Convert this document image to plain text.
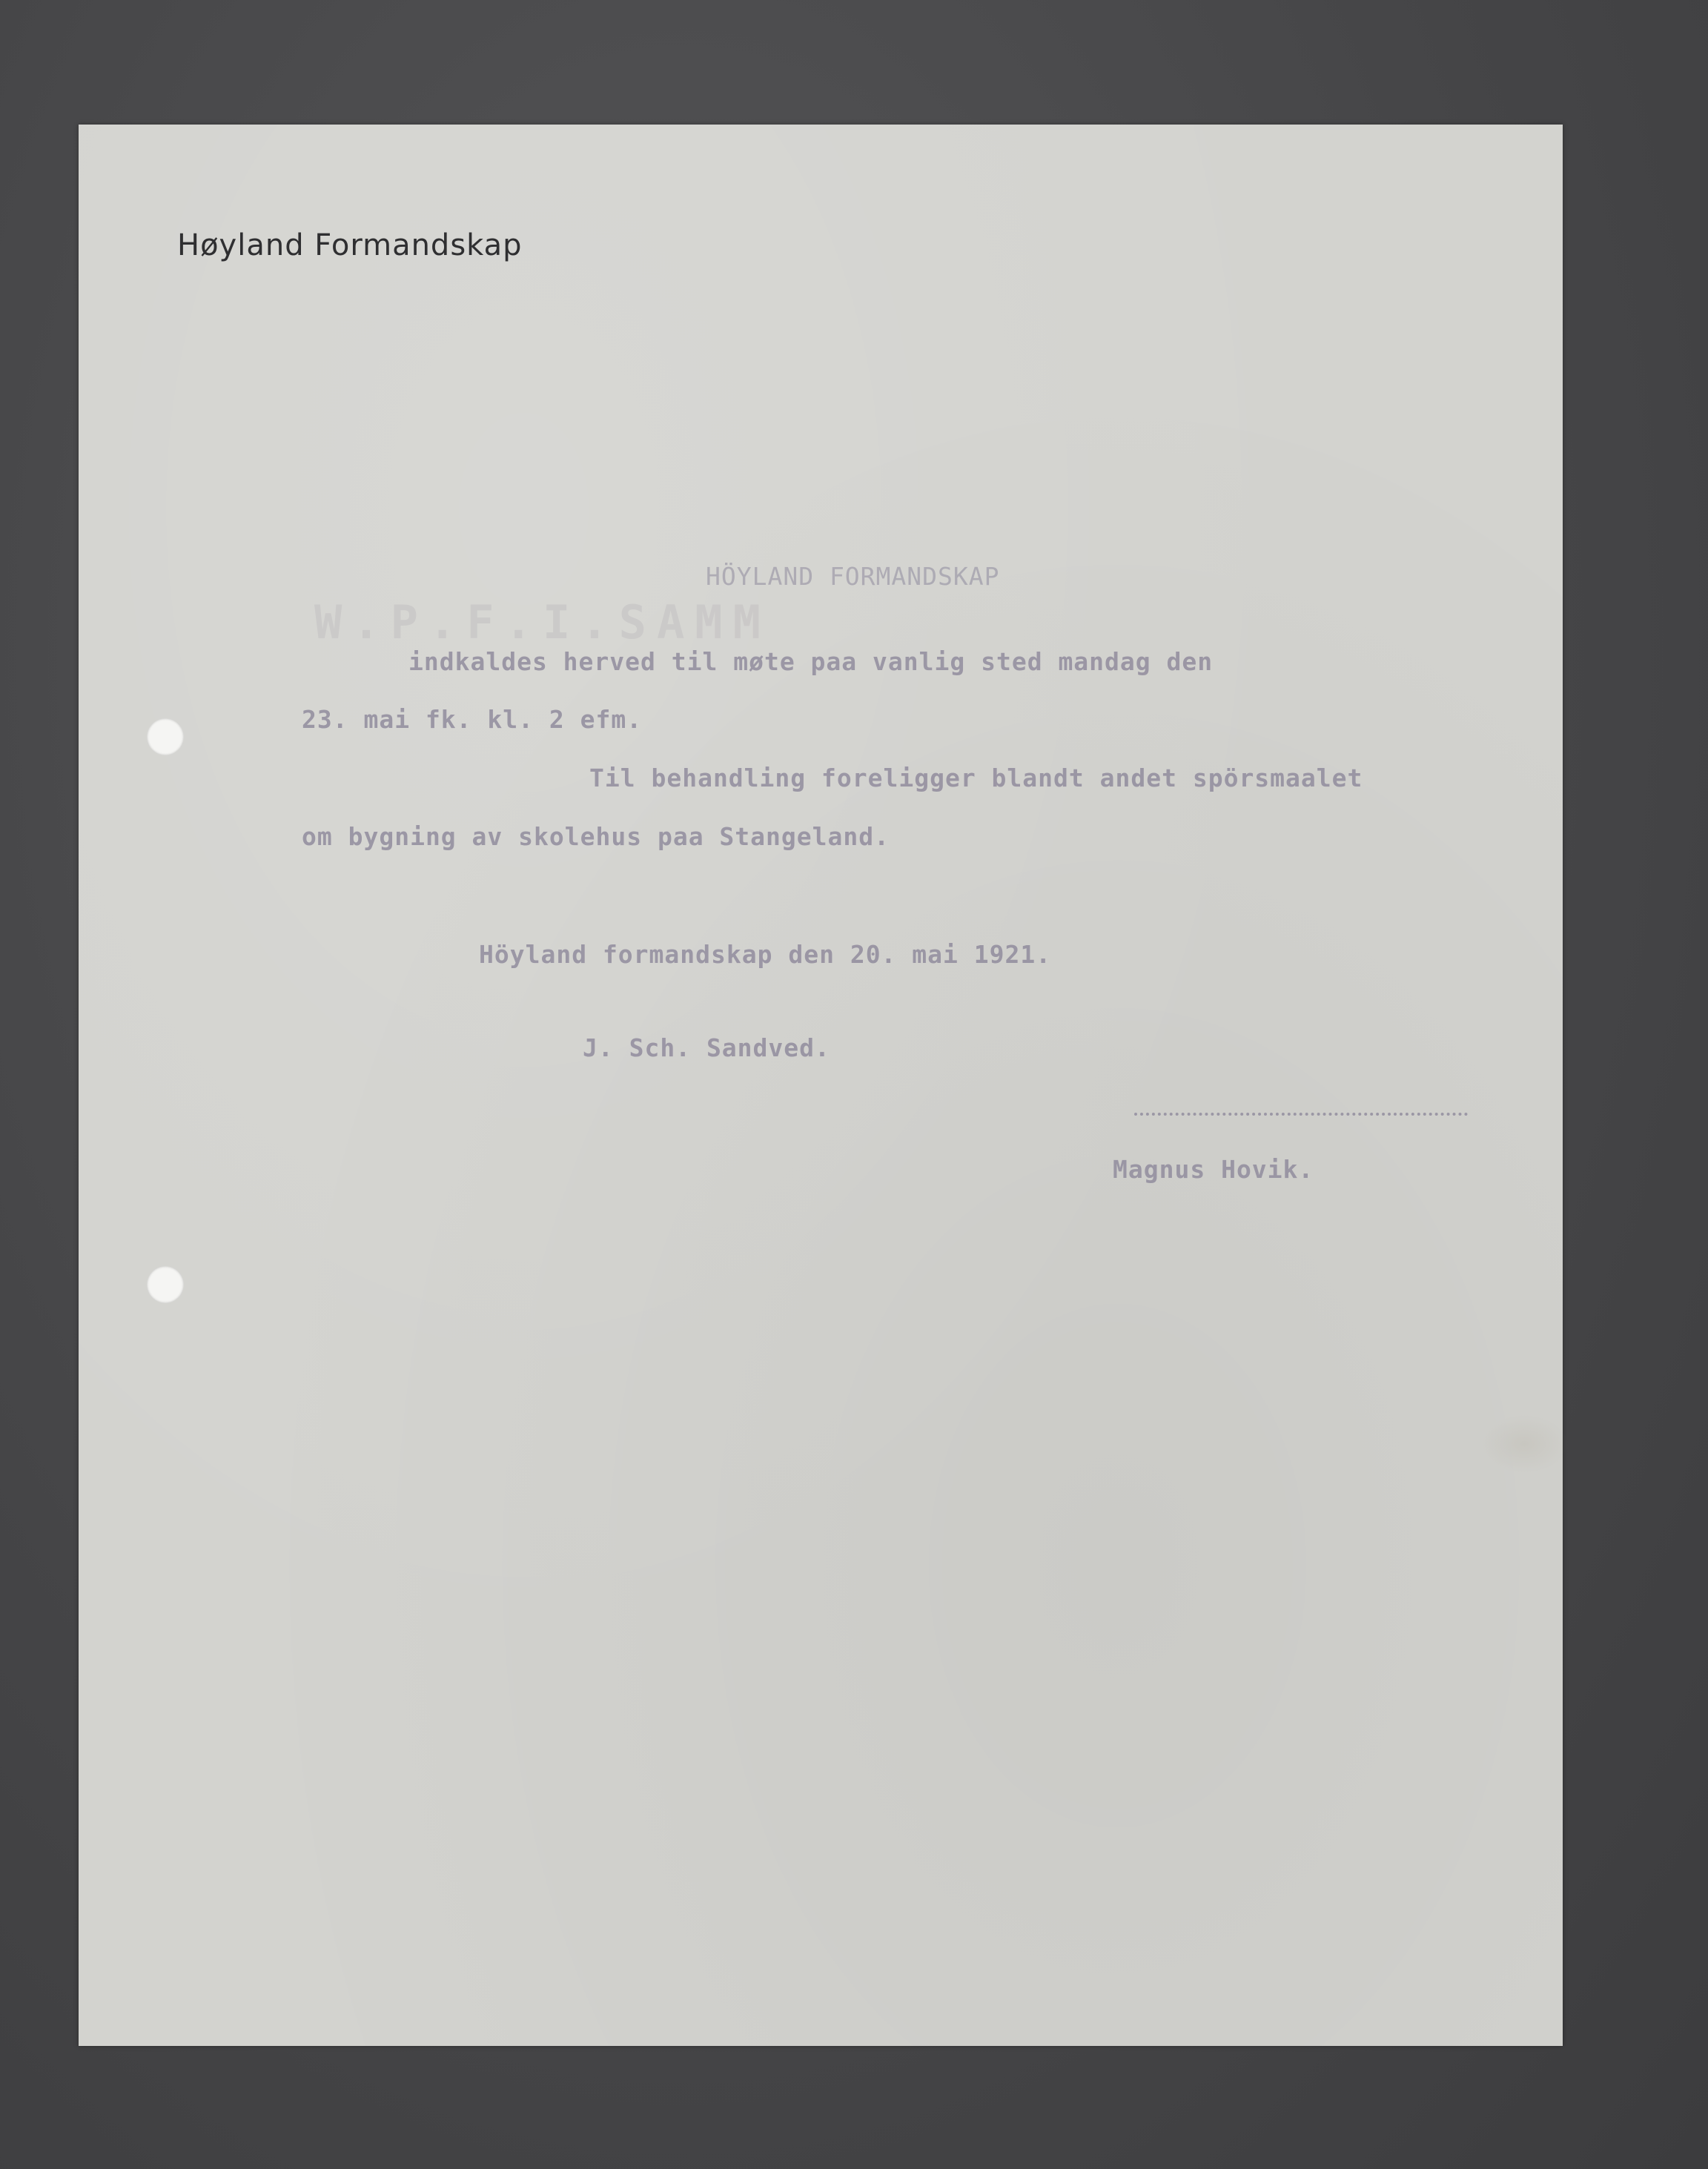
Høyland Formandskap
W.P.F.I.SAMM
HÖYLAND FORMANDSKAP
indkaldes herved til møte paa vanlig sted mandag den
23. mai fk. kl. 2 efm.
Til behandling foreligger blandt andet spörsmaalet
om bygning av skolehus paa Stangeland.
Höyland formandskap den 20. mai 1921.
J. Sch. Sandved.
Magnus Hovik.
